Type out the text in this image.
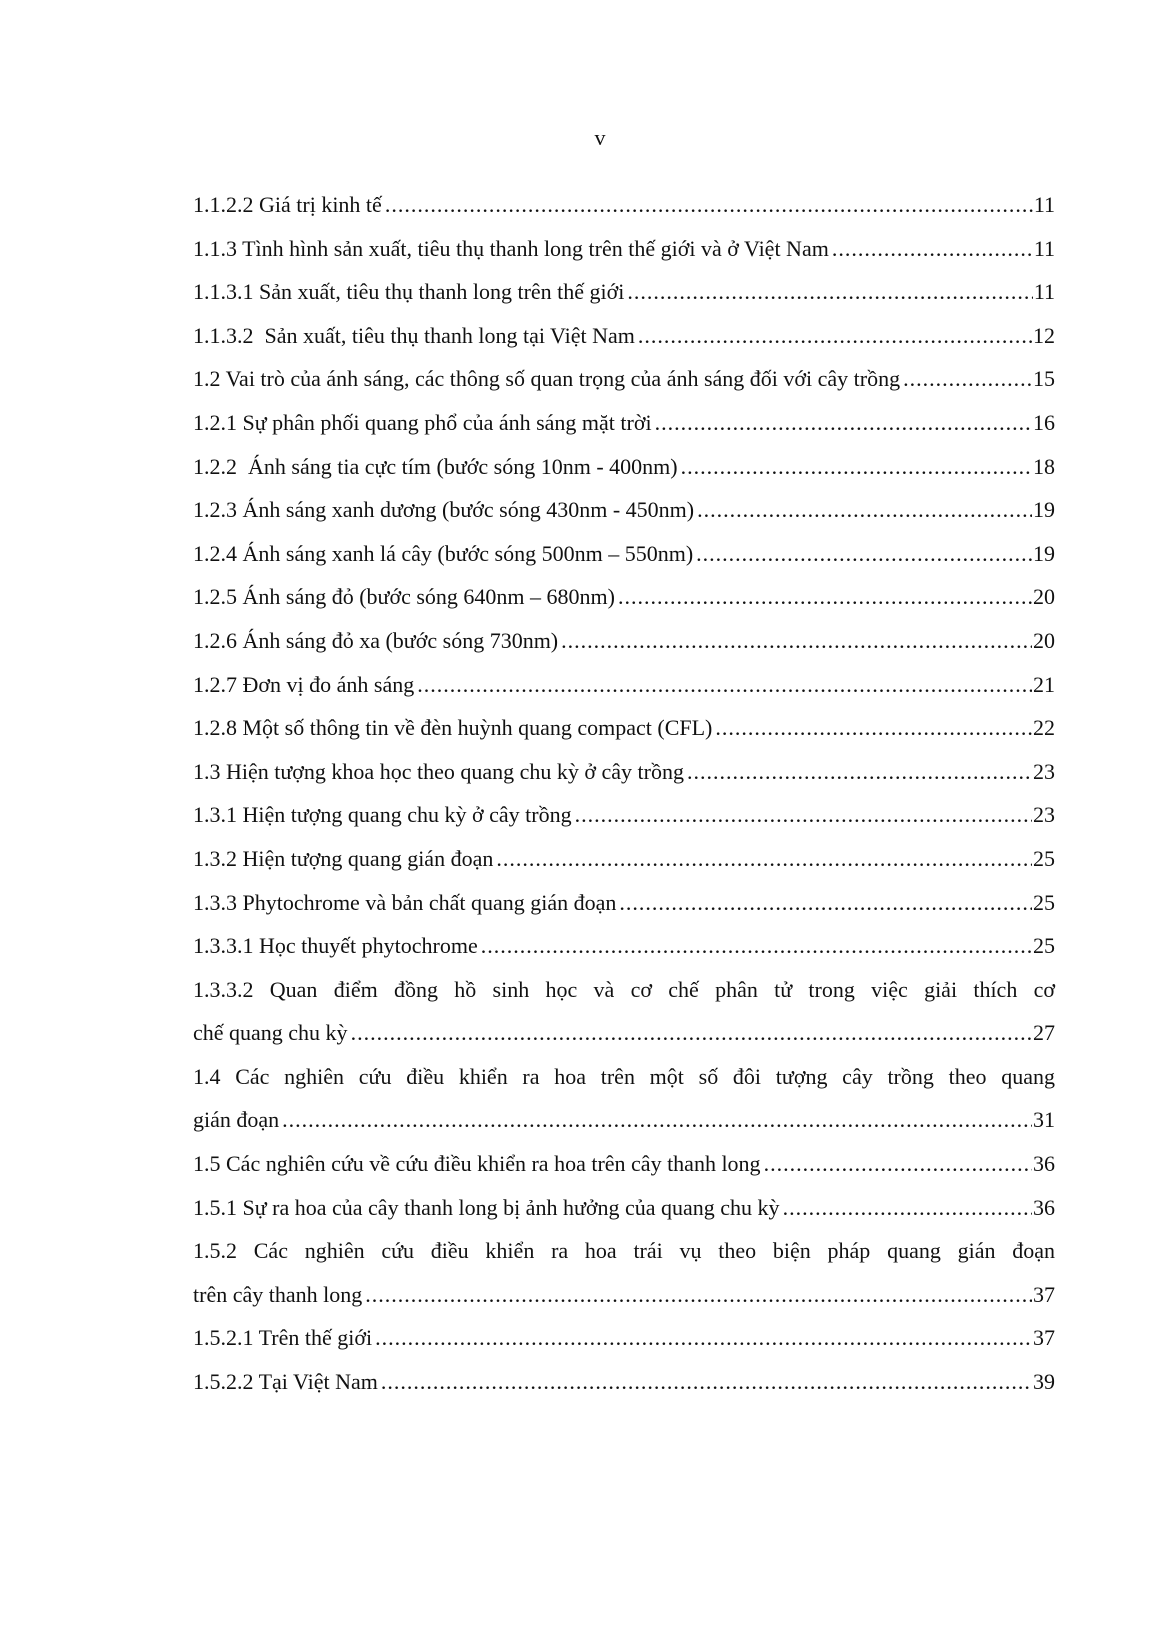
v
1.1.2.2 Giá trị kinh tế .....	11
1.1.3 Tình hình sản xuất, tiêu thụ thanh long trên thế giới và ở Việt Nam .....	11
1.1.3.1 Sản xuất, tiêu thụ thanh long trên thế giới .....	11
1.1.3.2  Sản xuất, tiêu thụ thanh long tại Việt Nam .....	12
1.2 Vai trò của ánh sáng, các thông số quan trọng của ánh sáng đối với cây trồng .....	15
1.2.1 Sự phân phối quang phổ của ánh sáng mặt trời .....	16
1.2.2  Ánh sáng tia cực tím (bước sóng 10nm - 400nm) .....	18
1.2.3 Ánh sáng xanh dương (bước sóng 430nm - 450nm) .....	19
1.2.4 Ánh sáng xanh lá cây (bước sóng 500nm – 550nm) .....	19
1.2.5 Ánh sáng đỏ (bước sóng 640nm – 680nm) .....	20
1.2.6 Ánh sáng đỏ xa (bước sóng 730nm) .....	20
1.2.7 Đơn vị đo ánh sáng .....	21
1.2.8 Một số thông tin về đèn huỳnh quang compact (CFL) .....	22
1.3 Hiện tượng khoa học theo quang chu kỳ ở cây trồng .....	23
1.3.1 Hiện tượng quang chu kỳ ở cây trồng .....	23
1.3.2 Hiện tượng quang gián đoạn .....	25
1.3.3 Phytochrome và bản chất quang gián đoạn .....	25
1.3.3.1 Học thuyết phytochrome .....	25
1.3.3.2 Quan điểm đồng hồ sinh học và cơ chế phân tử trong việc giải thích cơ
chế quang chu kỳ .....	27
1.4 Các nghiên cứu điều khiển ra hoa trên một số đôi tượng cây trồng theo quang
gián đoạn .....	31
1.5 Các nghiên cứu về cứu điều khiển ra hoa trên cây thanh long .....	36
1.5.1 Sự ra hoa của cây thanh long bị ảnh hưởng của quang chu kỳ .....	36
1.5.2 Các nghiên cứu điều khiển ra hoa trái vụ theo biện pháp quang gián đoạn
trên cây thanh long .....	37
1.5.2.1 Trên thế giới .....	37
1.5.2.2 Tại Việt Nam .....	39
